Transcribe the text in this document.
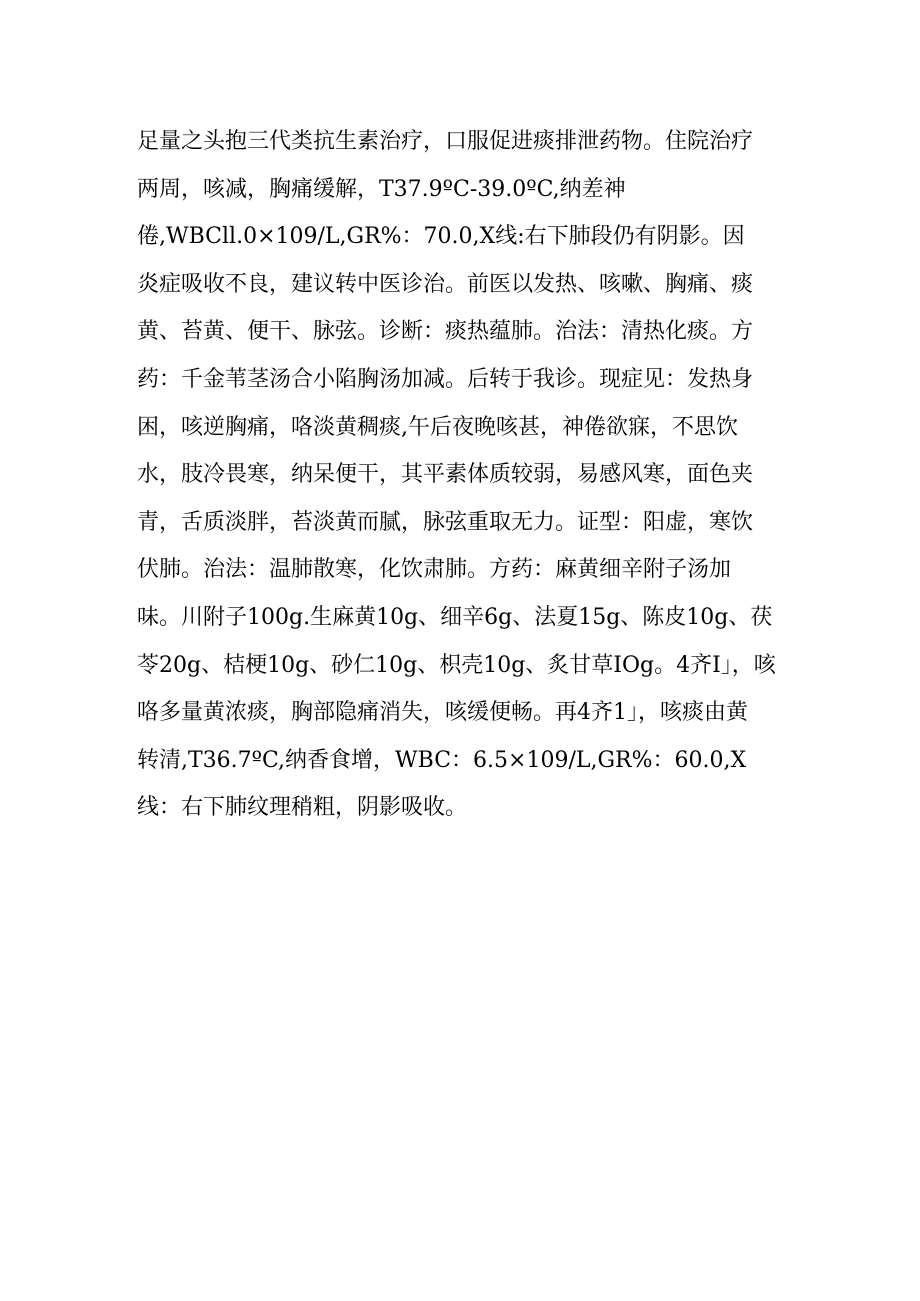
足量之头抱三代类抗生素治疗，口服促进痰排泄药物。住院治疗
两周，咳减，胸痛缓解，T37.9ºC-39.0ºC,纳差神
倦,WBCll.0×109/L,GR%：70.0,X线:右下肺段仍有阴影。因
炎症吸收不良，建议转中医诊治。前医以发热、咳嗽、胸痛、痰
黄、苔黄、便干、脉弦。诊断：痰热蕴肺。治法：清热化痰。方
药：千金苇茎汤合小陷胸汤加减。后转于我诊。现症见：发热身
困，咳逆胸痛，咯淡黄稠痰,午后夜晚咳甚，神倦欲寐，不思饮
水，肢冷畏寒，纳呆便干，其平素体质较弱，易感风寒，面色夹
青，舌质淡胖，苔淡黄而腻，脉弦重取无力。证型：阳虚，寒饮
伏肺。治法：温肺散寒，化饮肃肺。方药：麻黄细辛附子汤加
味。川附子100g.生麻黄10g、细辛6g、法夏15g、陈皮10g、茯
苓20g、桔梗10g、砂仁10g、枳壳10g、炙甘草IOg。4齐I」，咳
咯多量黄浓痰，胸部隐痛消失，咳缓便畅。再4齐1」，咳痰由黄
转清,T36.7ºC,纳香食增，WBC：6.5×109/L,GR%：60.0,X
线：右下肺纹理稍粗，阴影吸收。
